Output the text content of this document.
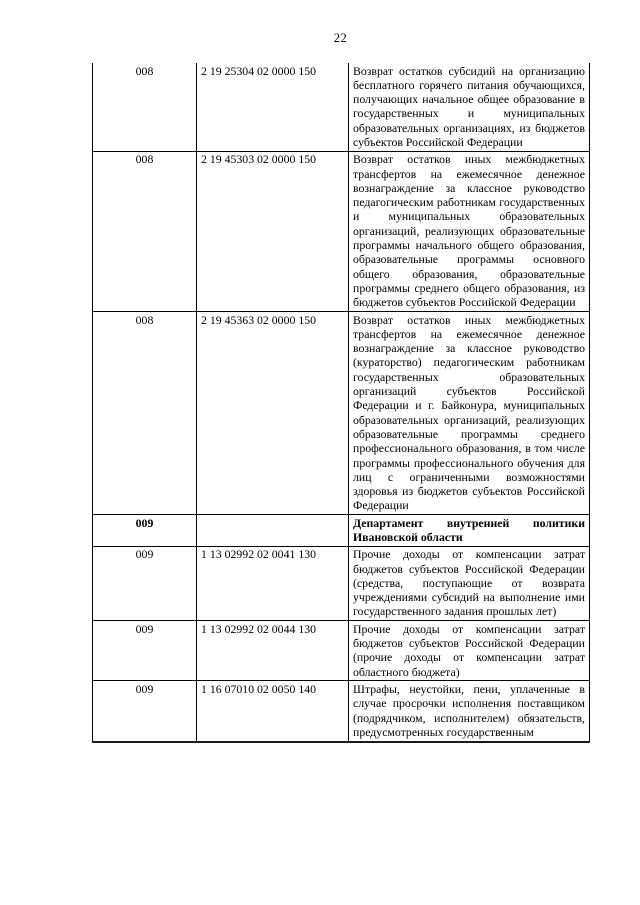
22
008	2 19 25304 02 0000 150	Возврат остатков субсидий на организацию бесплатного горячего питания обучающихся, получающих начальное общее образование в государственных и муниципальных образовательных организациях, из бюджетов субъектов Российской Федерации
008	2 19 45303 02 0000 150	Возврат остатков иных межбюджетных трансфертов на ежемесячное денежное вознаграждение за классное руководство педагогическим работникам государственных и муниципальных образовательных организаций, реализующих образовательные программы начального общего образования, образовательные программы основного общего образования, образовательные программы среднего общего образования, из бюджетов субъектов Российской Федерации
008	2 19 45363 02 0000 150	Возврат остатков иных межбюджетных трансфертов на ежемесячное денежное вознаграждение за классное руководство (кураторство) педагогическим работникам государственных образовательных организаций субъектов Российской Федерации и г. Байконура, муниципальных образовательных организаций, реализующих образовательные программы среднего профессионального образования, в том числе программы профессионального обучения для лиц с ограниченными возможностями здоровья из бюджетов субъектов Российской Федерации
009		Департамент внутренней политики Ивановской области
009	1 13 02992 02 0041 130	Прочие доходы от компенсации затрат бюджетов субъектов Российской Федерации (средства, поступающие от возврата учреждениями субсидий на выполнение ими государственного задания прошлых лет)
009	1 13 02992 02 0044 130	Прочие доходы от компенсации затрат бюджетов субъектов Российской Федерации (прочие доходы от компенсации затрат областного бюджета)
009	1 16 07010 02 0050 140	Штрафы, неустойки, пени, уплаченные в случае просрочки исполнения поставщиком (подрядчиком, исполнителем) обязательств, предусмотренных государственным
